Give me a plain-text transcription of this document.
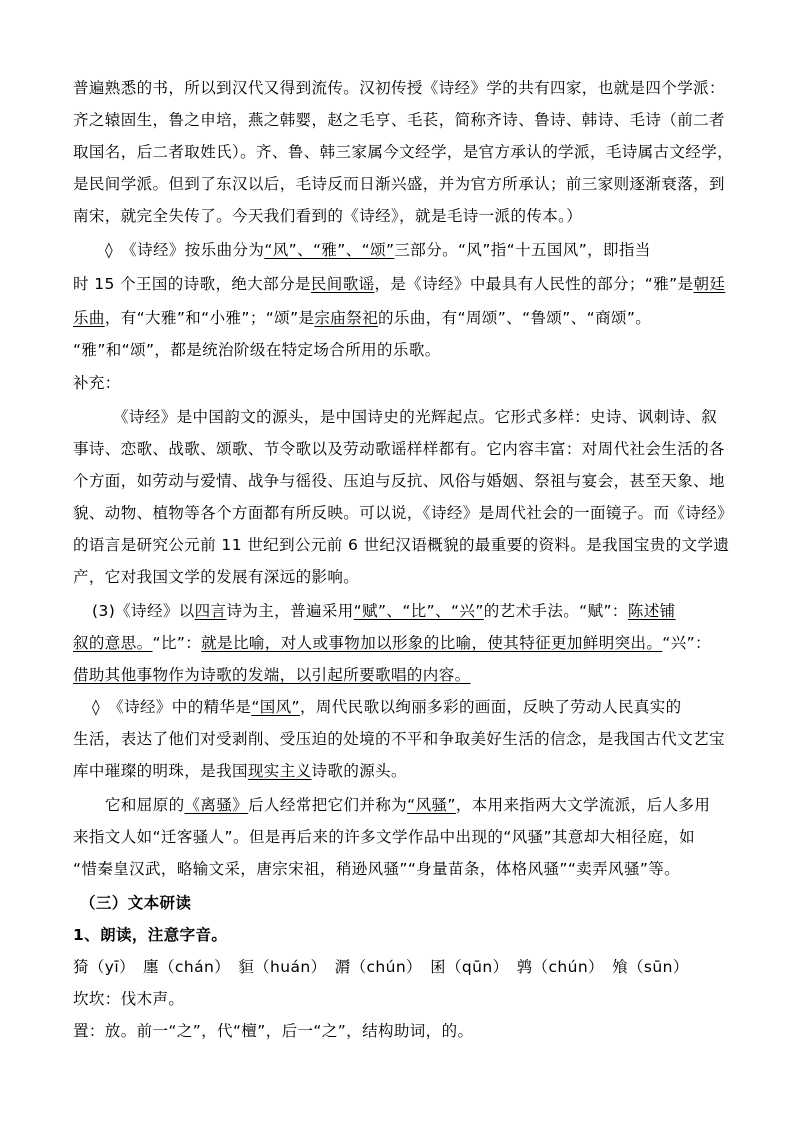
普遍熟悉的书，所以到汉代又得到流传。汉初传授《诗经》学的共有四家，也就是四个学派：
齐之辕固生，鲁之申培，燕之韩婴，赵之毛亨、毛苌，简称齐诗、鲁诗、韩诗、毛诗（前二者
取国名，后二者取姓氏）。齐、鲁、韩三家属今文经学，是官方承认的学派，毛诗属古文经学，
是民间学派。但到了东汉以后，毛诗反而日渐兴盛，并为官方所承认；前三家则逐渐衰落，到
南宋，就完全失传了。今天我们看到的《诗经》，就是毛诗一派的传本。）
◊　《诗经》按乐曲分为“风”、“雅”、“颂”三部分。“风”指“十五国风”，即指当
时 15 个王国的诗歌，绝大部分是民间歌谣，是《诗经》中最具有人民性的部分；“雅”是朝廷
乐曲，有“大雅”和“小雅”；“颂”是宗庙祭祀的乐曲，有“周颂”、“鲁颂”、“商颂”。
“雅”和“颂”，都是统治阶级在特定场合所用的乐歌。
补充：
《诗经》是中国韵文的源头，是中国诗史的光辉起点。它形式多样：史诗、讽刺诗、叙
事诗、恋歌、战歌、颂歌、节令歌以及劳动歌谣样样都有。它内容丰富：对周代社会生活的各
个方面，如劳动与爱情、战争与徭役、压迫与反抗、风俗与婚姻、祭祖与宴会，甚至天象、地
貌、动物、植物等各个方面都有所反映。可以说，《诗经》是周代社会的一面镜子。而《诗经》
的语言是研究公元前 11 世纪到公元前 6 世纪汉语概貌的最重要的资料。是我国宝贵的文学遗
产，它对我国文学的发展有深远的影响。
(3)《诗经》以四言诗为主，普遍采用“赋”、“比”、“兴”的艺术手法。“赋”：陈述铺
叙的意思。“比”：就是比喻，对人或事物加以形象的比喻，使其特征更加鲜明突出。“兴”：
借助其他事物作为诗歌的发端，以引起所要歌唱的内容。
◊　《诗经》中的精华是“国风”，周代民歌以绚丽多彩的画面，反映了劳动人民真实的
生活，表达了他们对受剥削、受压迫的处境的不平和争取美好生活的信念，是我国古代文艺宝
库中璀璨的明珠，是我国现实主义诗歌的源头。
它和屈原的《离骚》后人经常把它们并称为“风骚”，本用来指两大文学流派，后人多用
来指文人如“迁客骚人”。但是再后来的许多文学作品中出现的“风骚”其意却大相径庭，如
“惜秦皇汉武，略输文采，唐宗宋祖，稍逊风骚”“身量苗条，体格风骚”“卖弄风骚”等。
（三）文本研读
1、朗读，注意字音。
猗（yī）　廛（chán）　貆（huán）　漘（chún）　囷（qūn）　鹑（chún）　飧（sūn）
坎坎：伐木声。
置：放。前一“之”，代“檀”，后一“之”，结构助词，的。
